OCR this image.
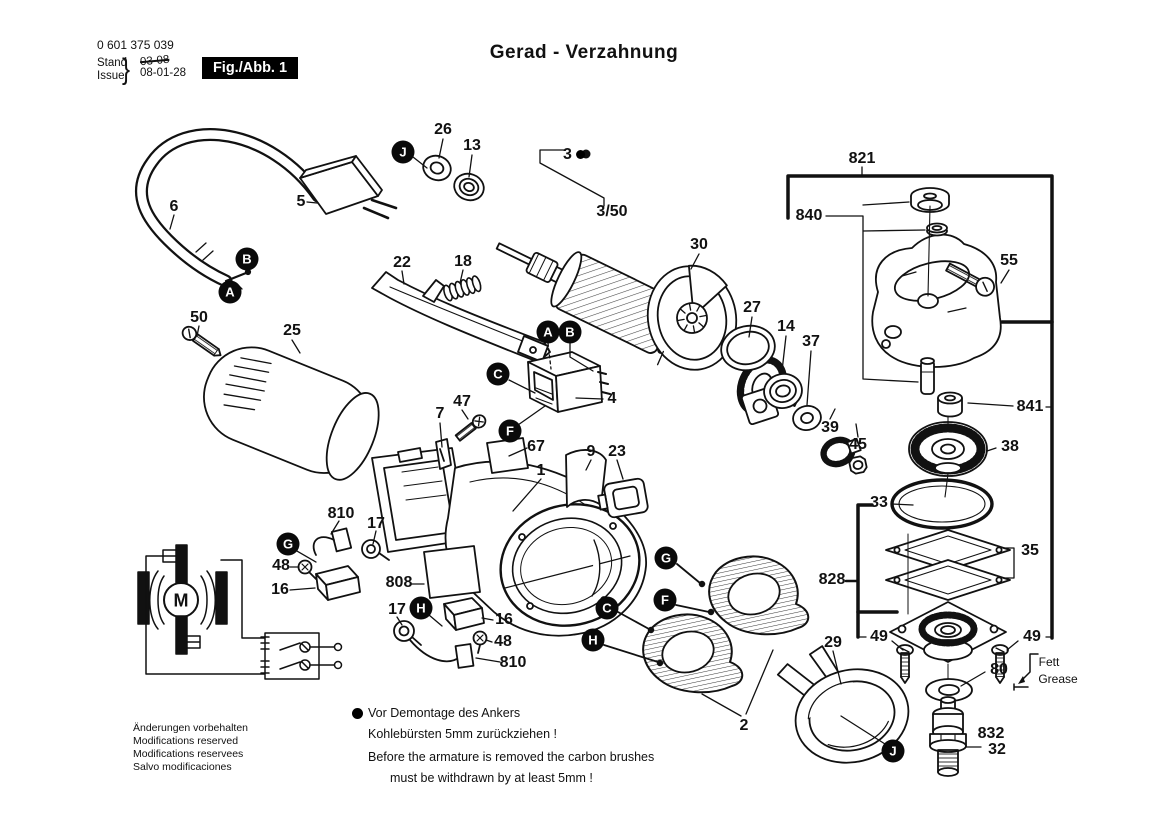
0 601 375 039
Stand
Issue
} 03-08
08-01-28	Fig./Abb. 1
Gerad - Verzahnung
Vor Demontage des Ankers
Kohlebürsten 5mm zurückziehen !
Before the armature is removed the carbon brushes
must be withdrawn by at least 5mm !
Änderungen vorbehalten
Modifications reserved
Modifications reservees
Salvo modificaciones
26
J	13
3
3/50
821
840
55
30
27
14
37
6	5
B
A
22	18
50
25	A B
C
4
F	39
45
841
38
7
47
67
1
9 23
33
35
810
17
G
48
16	808
G
F
C
H
828
17 H
16
48
810
29 49	49
80	Fett
Grease
2	832
32
J
M
